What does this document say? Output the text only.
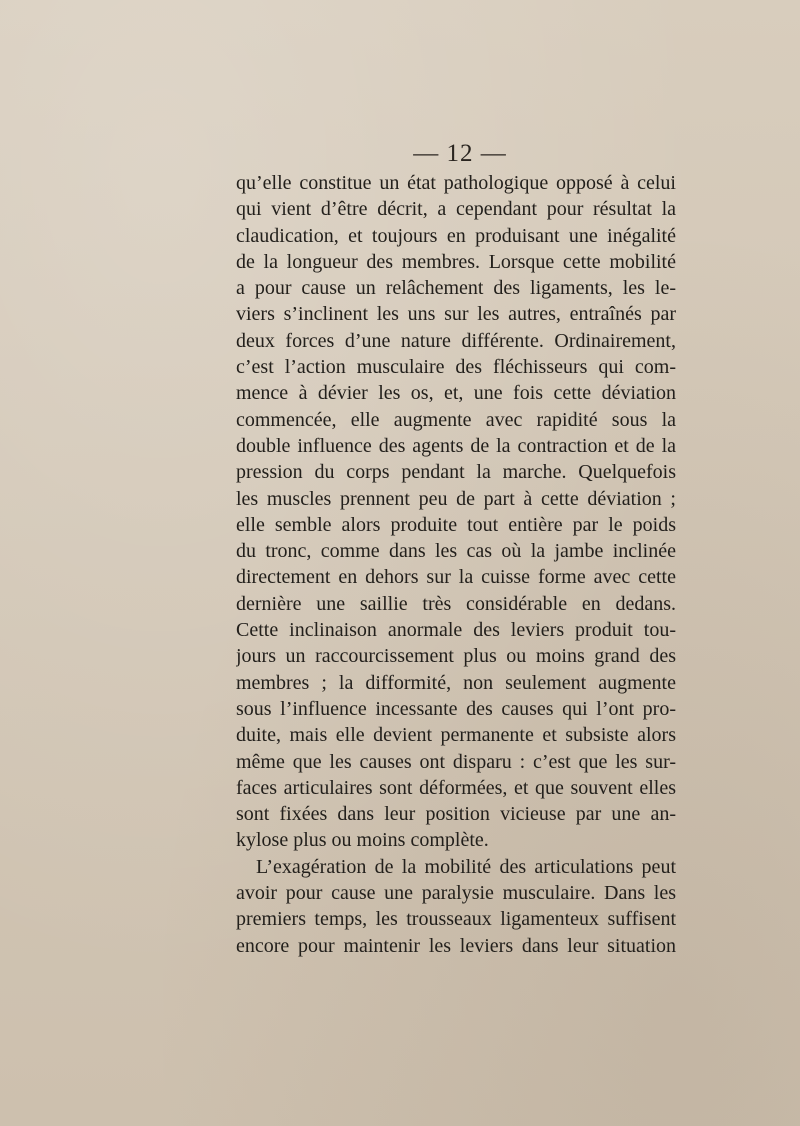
— 12 —
qu’elle constitue un état pathologique opposé à celui
qui vient d’être décrit, a cependant pour résultat la
claudication, et toujours en produisant une inégalité
de la longueur des membres. Lorsque cette mobilité
a pour cause un relâchement des ligaments, les le-
viers s’inclinent les uns sur les autres, entraînés par
deux forces d’une nature différente. Ordinairement,
c’est l’action musculaire des fléchisseurs qui com-
mence à dévier les os, et, une fois cette déviation
commencée, elle augmente avec rapidité sous la
double influence des agents de la contraction et de la
pression du corps pendant la marche. Quelquefois
les muscles prennent peu de part à cette déviation ;
elle semble alors produite tout entière par le poids
du tronc, comme dans les cas où la jambe inclinée
directement en dehors sur la cuisse forme avec cette
dernière une saillie très considérable en dedans.
Cette inclinaison anormale des leviers produit tou-
jours un raccourcissement plus ou moins grand des
membres ; la difformité, non seulement augmente
sous l’influence incessante des causes qui l’ont pro-
duite, mais elle devient permanente et subsiste alors
même que les causes ont disparu : c’est que les sur-
faces articulaires sont déformées, et que souvent elles
sont fixées dans leur position vicieuse par une an-
kylose plus ou moins complète.
L’exagération de la mobilité des articulations peut
avoir pour cause une paralysie musculaire. Dans les
premiers temps, les trousseaux ligamenteux suffisent
encore pour maintenir les leviers dans leur situation
